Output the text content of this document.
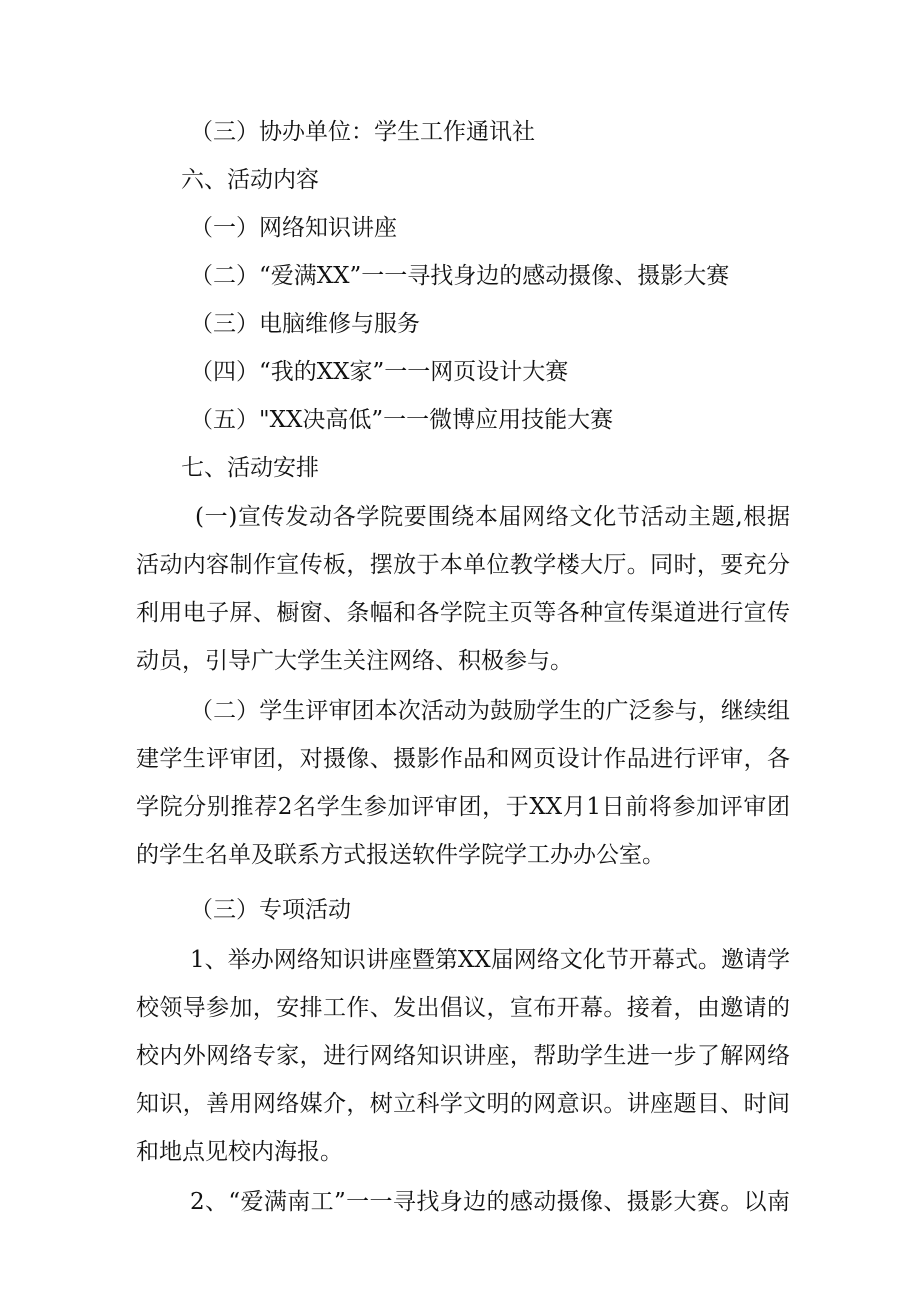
（三）协办单位：学生工作通讯社
六、活动内容
（一）网络知识讲座
（二）“爱满XX”一一寻找身边的感动摄像、摄影大赛
（三）电脑维修与服务
（四）“我的XX家”一一网页设计大赛
（五）"XX决高低”一一微博应用技能大赛
七、活动安排
(一)宣传发动各学院要围绕本届网络文化节活动主题,根据
活动内容制作宣传板，摆放于本单位教学楼大厅。同时，要充分
利用电子屏、橱窗、条幅和各学院主页等各种宣传渠道进行宣传
动员，引导广大学生关注网络、积极参与。
（二）学生评审团本次活动为鼓励学生的广泛参与，继续组
建学生评审团，对摄像、摄影作品和网页设计作品进行评审，各
学院分别推荐2名学生参加评审团，于XX月1日前将参加评审团
的学生名单及联系方式报送软件学院学工办办公室。
（三）专项活动
1、举办网络知识讲座暨第XX届网络文化节开幕式。邀请学
校领导参加，安排工作、发出倡议，宣布开幕。接着，由邀请的
校内外网络专家，进行网络知识讲座，帮助学生进一步了解网络
知识，善用网络媒介，树立科学文明的网意识。讲座题目、时间
和地点见校内海报。
2、“爱满南工”一一寻找身边的感动摄像、摄影大赛。以南
